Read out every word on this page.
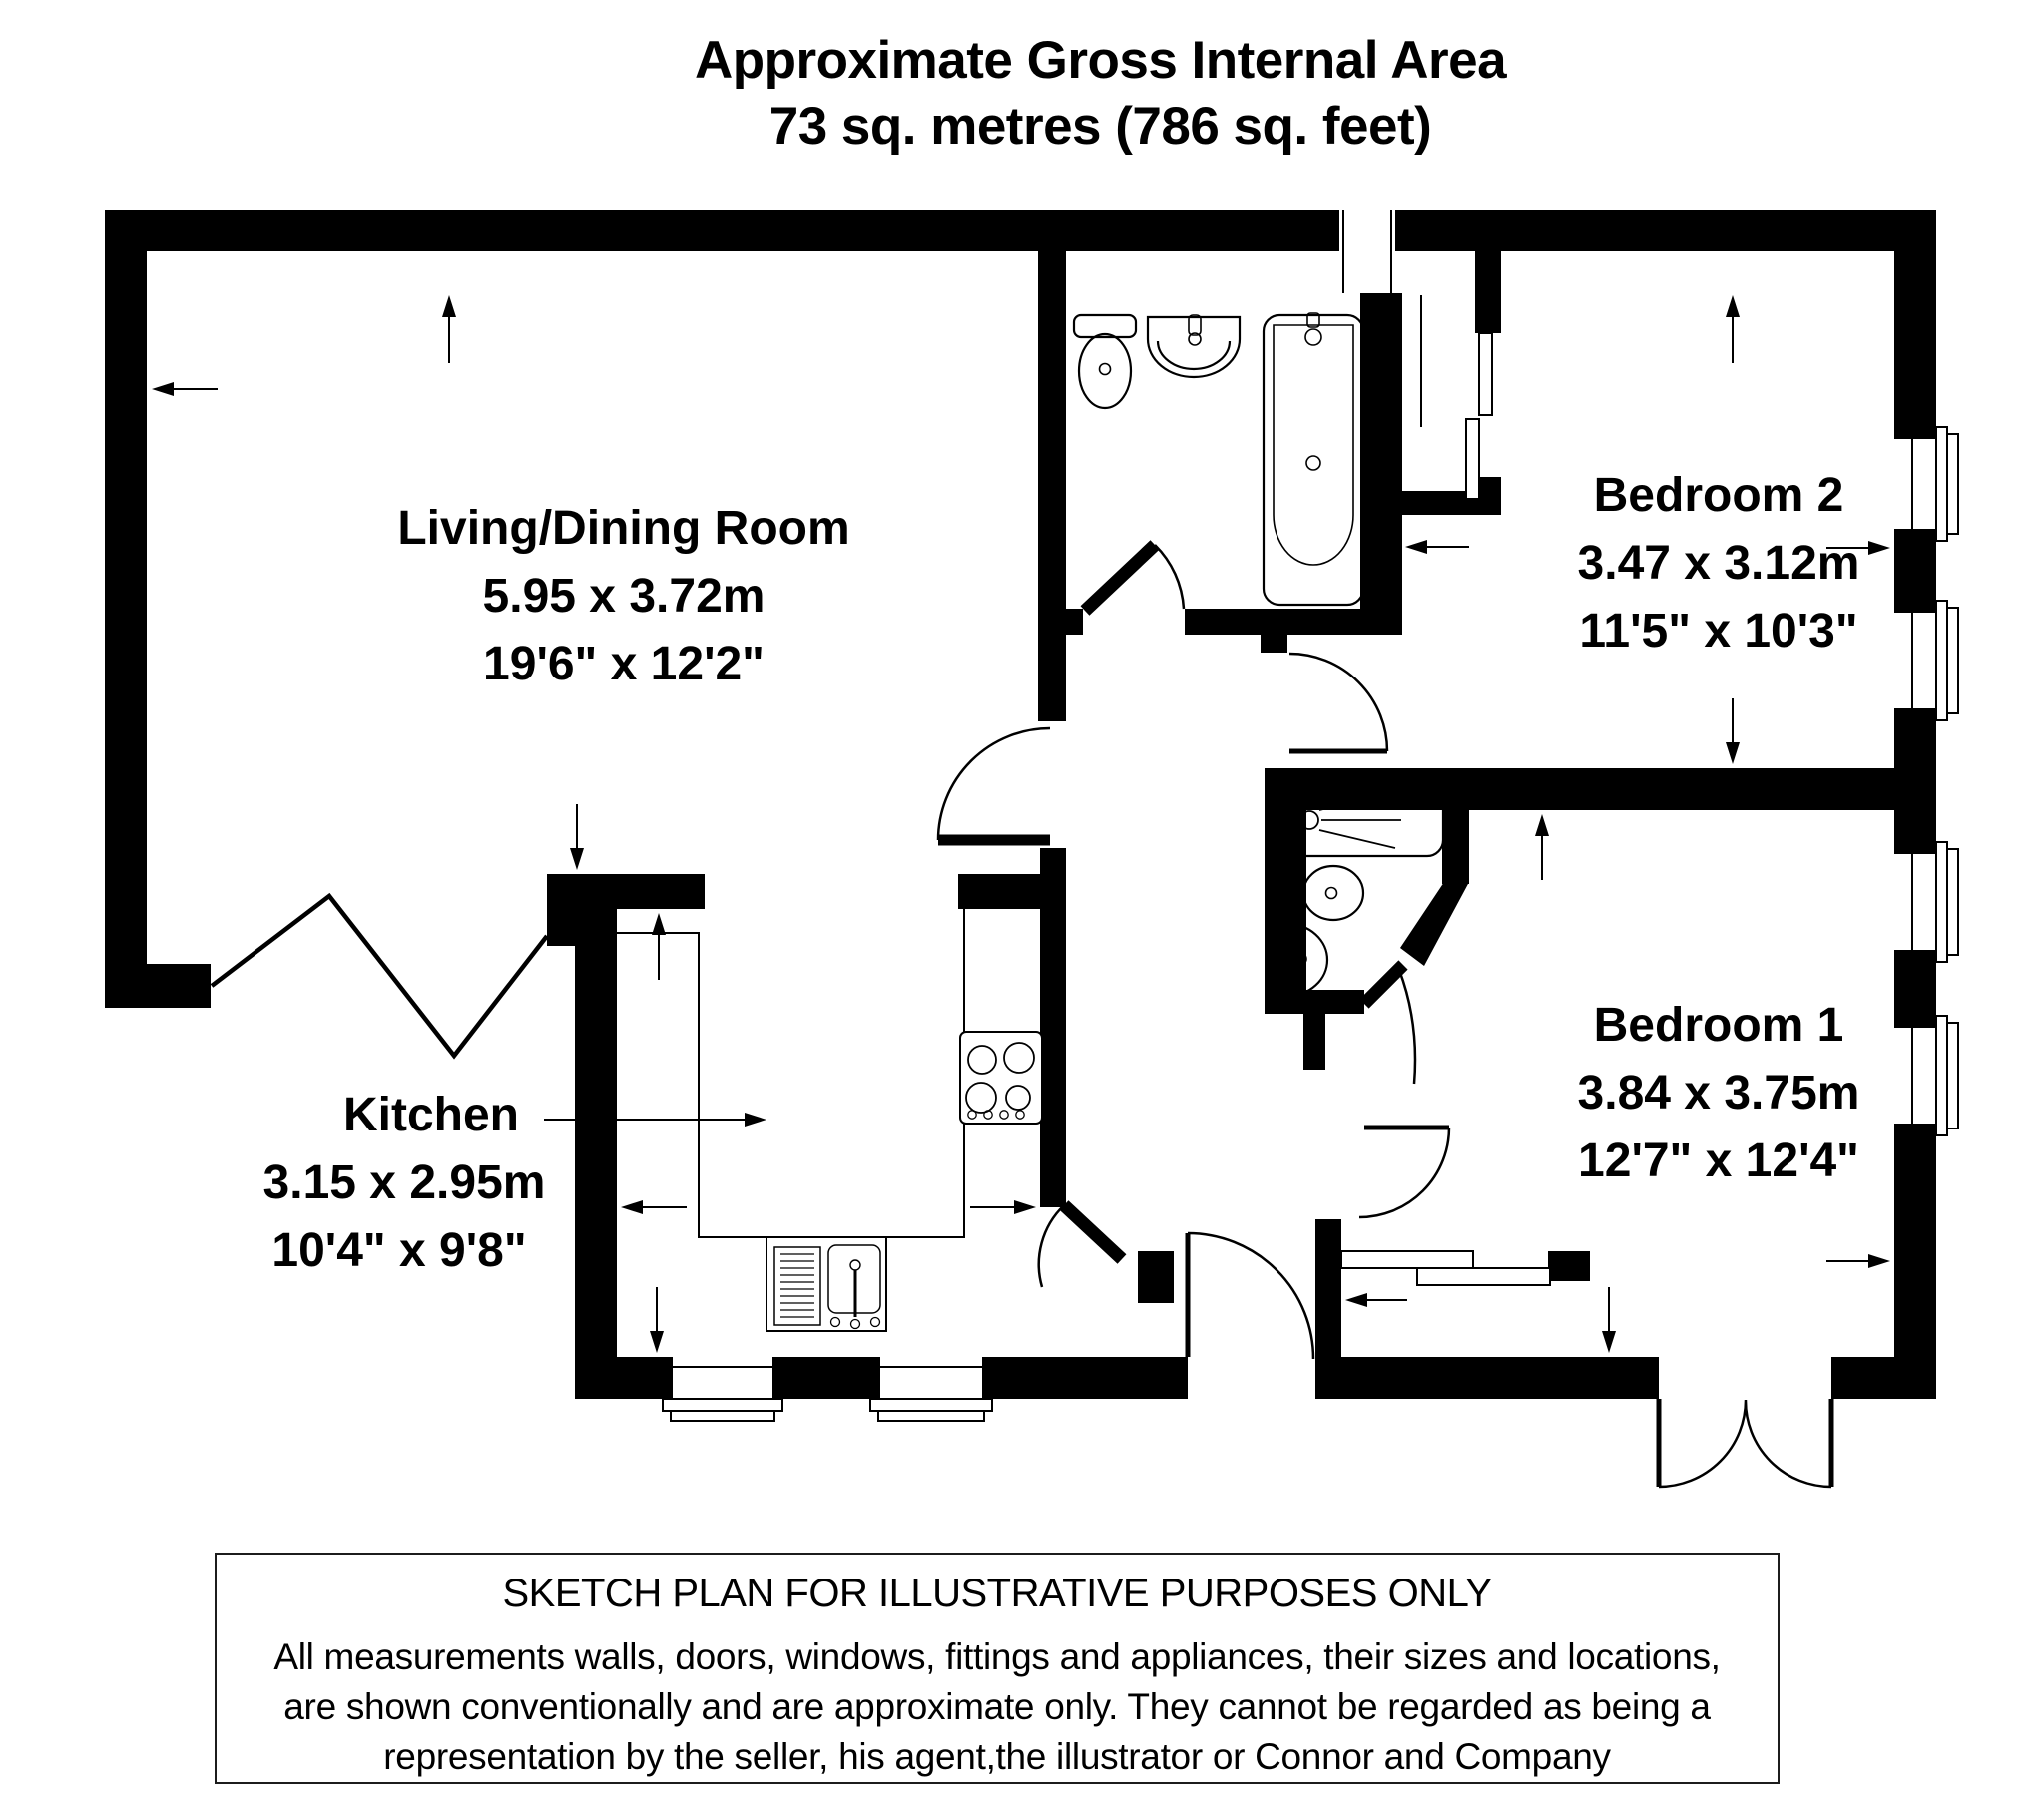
Approximate Gross Internal Area
73 sq. metres (786 sq. feet)
Living/Dining Room
5.95 x 3.72m
19'6" x 12'2"
Bedroom 2
3.47 x 3.12m
11'5" x 10'3"
Kitchen
3.15 x 2.95m
10'4" x 9'8"
Bedroom 1
3.84 x 3.75m
12'7" x 12'4"
SKETCH PLAN FOR ILLUSTRATIVE PURPOSES ONLY
All measurements walls, doors, windows, fittings and appliances, their sizes and locations,
are shown conventionally and are approximate only. They cannot be regarded as being a
representation by the seller, his agent,the illustrator or Connor and Company
